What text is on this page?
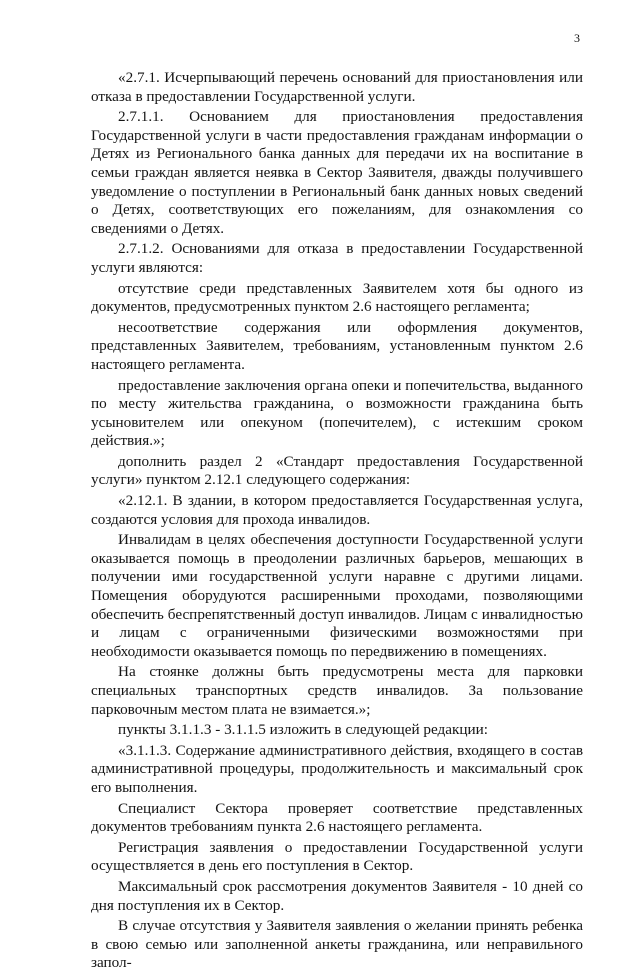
3

«2.7.1. Исчерпывающий перечень оснований для приостановления или отказа в предоставлении Государственной услуги.

2.7.1.1. Основанием для приостановления предоставления Государственной услуги в части предоставления гражданам информации о Детях из Регионального банка данных для передачи их на воспитание в семьи граждан является неявка в Сектор Заявителя, дважды получившего уведомление о поступлении в Региональный банк данных новых сведений о Детях, соответствующих его пожеланиям, для ознакомления со сведениями о Детях.

2.7.1.2. Основаниями для отказа в предоставлении Государственной услуги являются:

отсутствие среди представленных Заявителем хотя бы одного из документов, предусмотренных пунктом 2.6 настоящего регламента;

несоответствие содержания или оформления документов, представленных Заявителем, требованиям, установленным пунктом 2.6 настоящего регламента.

предоставление заключения органа опеки и попечительства, выданного по месту жительства гражданина, о возможности гражданина быть усыновителем или опекуном (попечителем), с истекшим сроком действия.»;

дополнить раздел 2 «Стандарт предоставления Государственной услуги» пунктом 2.12.1 следующего содержания:

«2.12.1. В здании, в котором предоставляется Государственная услуга, создаются условия для прохода инвалидов.

Инвалидам в целях обеспечения доступности Государственной услуги оказывается помощь в преодолении различных барьеров, мешающих в получении ими государственной услуги наравне с другими лицами. Помещения оборудуются расширенными проходами, позволяющими обеспечить беспрепятственный доступ инвалидов. Лицам с инвалидностью и лицам с ограниченными физическими возможностями при необходимости оказывается помощь по передвижению в помещениях.

На стоянке должны быть предусмотрены места для парковки специальных транспортных средств инвалидов. За пользование парковочным местом плата не взимается.»;

пункты 3.1.1.3 - 3.1.1.5 изложить в следующей редакции:

«3.1.1.3. Содержание административного действия, входящего в состав административной процедуры, продолжительность и максимальный срок его выполнения.

Специалист Сектора проверяет соответствие представленных документов требованиям пункта 2.6 настоящего регламента.

Регистрация заявления о предоставлении Государственной услуги осуществляется в день его поступления в Сектор.

Максимальный срок рассмотрения документов Заявителя - 10 дней со дня поступления их в Сектор.

В случае отсутствия у Заявителя заявления о желании принять ребенка в свою семью или заполненной анкеты гражданина, или неправильного запол-
